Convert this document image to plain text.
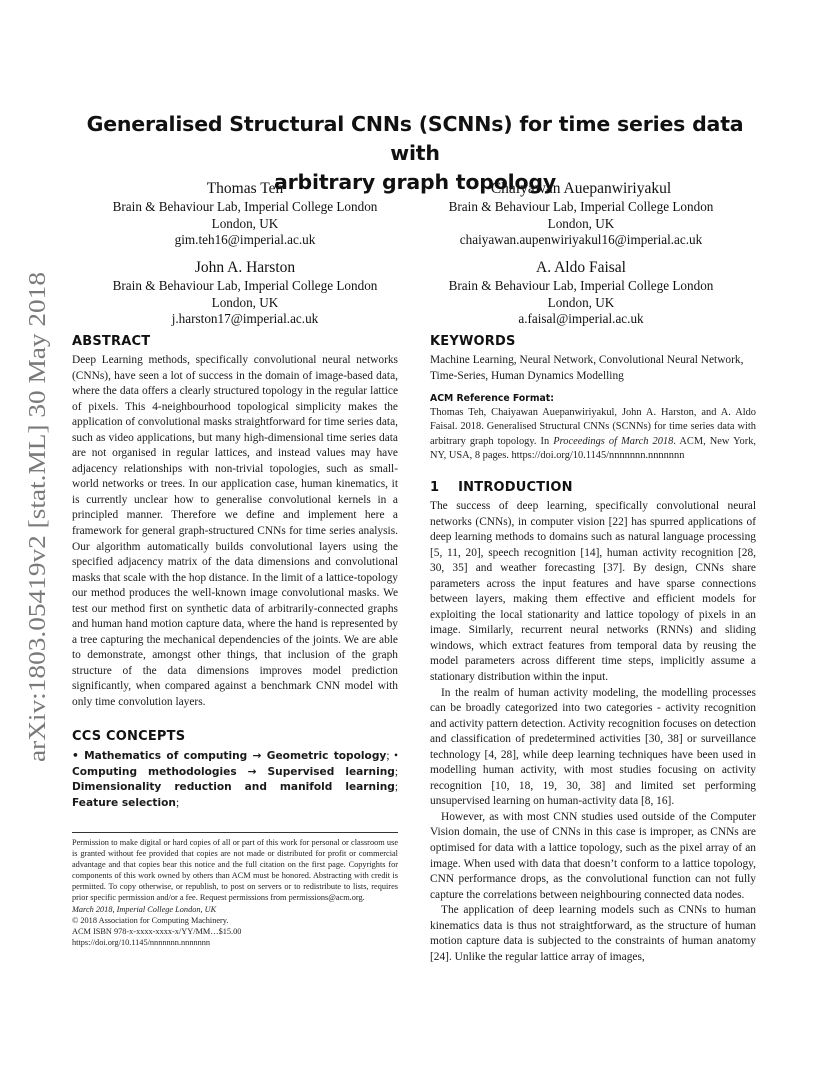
arXiv:1803.05419v2 [stat.ML] 30 May 2018
Generalised Structural CNNs (SCNNs) for time series data with
arbitrary graph topology
Thomas Teh
Brain & Behaviour Lab, Imperial College London
London, UK
gim.teh16@imperial.ac.uk
Chaiyawan Auepanwiriyakul
Brain & Behaviour Lab, Imperial College London
London, UK
chaiyawan.aupenwiriyakul16@imperial.ac.uk
John A. Harston
Brain & Behaviour Lab, Imperial College London
London, UK
j.harston17@imperial.ac.uk
A. Aldo Faisal
Brain & Behaviour Lab, Imperial College London
London, UK
a.faisal@imperial.ac.uk
ABSTRACT

Deep Learning methods, specifically convolutional neural networks (CNNs), have seen a lot of success in the domain of image-based data, where the data offers a clearly structured topology in the regular lattice of pixels. This 4-neighbourhood topological simplicity makes the application of convolutional masks straightforward for time series data, such as video applications, but many high-dimensional time series data are not organised in regular lattices, and instead values may have adjacency relationships with non-trivial topologies, such as small-world networks or trees. In our application case, human kinematics, it is currently unclear how to generalise convolutional kernels in a principled manner. Therefore we define and implement here a framework for general graph-structured CNNs for time series analysis. Our algorithm automatically builds convolutional layers using the specified adjacency matrix of the data dimensions and convolutional masks that scale with the hop distance. In the limit of a lattice-topology our method produces the well-known image convolutional masks. We test our method first on synthetic data of arbitrarily-connected graphs and human hand motion capture data, where the hand is represented by a tree capturing the mechanical dependencies of the joints. We are able to demonstrate, amongst other things, that inclusion of the graph structure of the data dimensions improves model prediction significantly, when compared against a benchmark CNN model with only time convolution layers.

CCS CONCEPTS
• Mathematics of computing → Geometric topology; • Computing methodologies → Supervised learning; Dimensionality reduction and manifold learning; Feature selection;

Permission to make digital or hard copies of all or part of this work for personal or classroom use is granted without fee provided that copies are not made or distributed for profit or commercial advantage and that copies bear this notice and the full citation on the first page. Copyrights for components of this work owned by others than ACM must be honored. Abstracting with credit is permitted. To copy otherwise, or republish, to post on servers or to redistribute to lists, requires prior specific permission and/or a fee. Request permissions from permissions@acm.org.

March 2018, Imperial College London, UK

© 2018 Association for Computing Machinery.

ACM ISBN 978-x-xxxx-xxxx-x/YY/MM…$15.00

https://doi.org/10.1145/nnnnnnn.nnnnnnn

KEYWORDS

Machine Learning, Neural Network, Convolutional Neural Network, Time-Series, Human Dynamics Modelling

ACM Reference Format:
Thomas Teh, Chaiyawan Auepanwiriyakul, John A. Harston, and A. Aldo Faisal. 2018. Generalised Structural CNNs (SCNNs) for time series data with arbitrary graph topology. In Proceedings of March 2018. ACM, New York, NY, USA, 8 pages. https://doi.org/10.1145/nnnnnnn.nnnnnnn
1    INTRODUCTION

The success of deep learning, specifically convolutional neural networks (CNNs), in computer vision [22] has spurred applications of deep learning methods to domains such as natural language processing [5, 11, 20], speech recognition [14], human activity recognition [28, 30, 35] and weather forecasting [37]. By design, CNNs share parameters across the input features and have sparse connections between layers, making them effective and efficient models for exploiting the local stationarity and lattice topology of pixels in an image. Similarly, recurrent neural networks (RNNs) and sliding windows, which extract features from temporal data by reusing the model parameters across different time steps, implicitly assume a stationary distribution within the input.

In the realm of human activity modeling, the modelling processes can be broadly categorized into two categories - activity recognition and activity pattern detection. Activity recognition focuses on detection and classification of predetermined activities [30, 38] or surveillance technology [4, 28], while deep learning techniques have been used in modelling human activity, with most studies focusing on activity recognition [10, 18, 19, 30, 38] and limited set performing unsupervised learning on human-activity data [8, 16].

However, as with most CNN studies used outside of the Computer Vision domain, the use of CNNs in this case is improper, as CNNs are optimised for data with a lattice topology, such as the pixel array of an image. When used with data that doesn’t conform to a lattice topology, CNN performance drops, as the convolutional function can not fully capture the correlations between neighbouring connected data nodes.

The application of deep learning models such as CNNs to human kinematics data is thus not straightforward, as the structure of human motion capture data is subjected to the constraints of human anatomy [24]. Unlike the regular lattice array of images,
